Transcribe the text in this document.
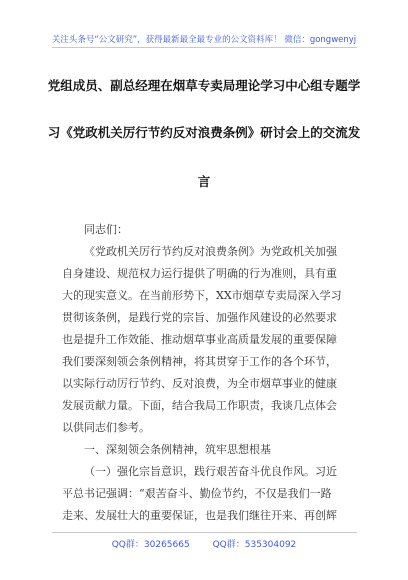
关注头条号“公文研究”，获得最新最全最专业的公文资料库！ 微信：gongwenyj
党组成员、副总经理在烟草专卖局理论学习中心组专题学
习《党政机关厉行节约反对浪费条例》研讨会上的交流发
言

同志们：

《党政机关厉行节约反对浪费条例》为党政机关加强

自身建设、规范权力运行提供了明确的行为准则，具有重

大的现实意义。在当前形势下，XX市烟草专卖局深入学习

贯彻该条例，是践行党的宗旨、加强作风建设的必然要求

也是提升工作效能、推动烟草事业高质量发展的重要保障

我们要深刻领会条例精神，将其贯穿于工作的各个环节，

以实际行动厉行节约、反对浪费，为全市烟草事业的健康

发展贡献力量。下面，结合我局工作职责，我谈几点体会

以供同志们参考。

一、深刻领会条例精神，筑牢思想根基

（一）强化宗旨意识，践行艰苦奋斗优良作风。习近

平总书记强调：“艰苦奋斗、勤俭节约，不仅是我们一路

走来、发展壮大的重要保证，也是我们继往开来、再创辉

QQ群：30265665	QQ群：535304092
